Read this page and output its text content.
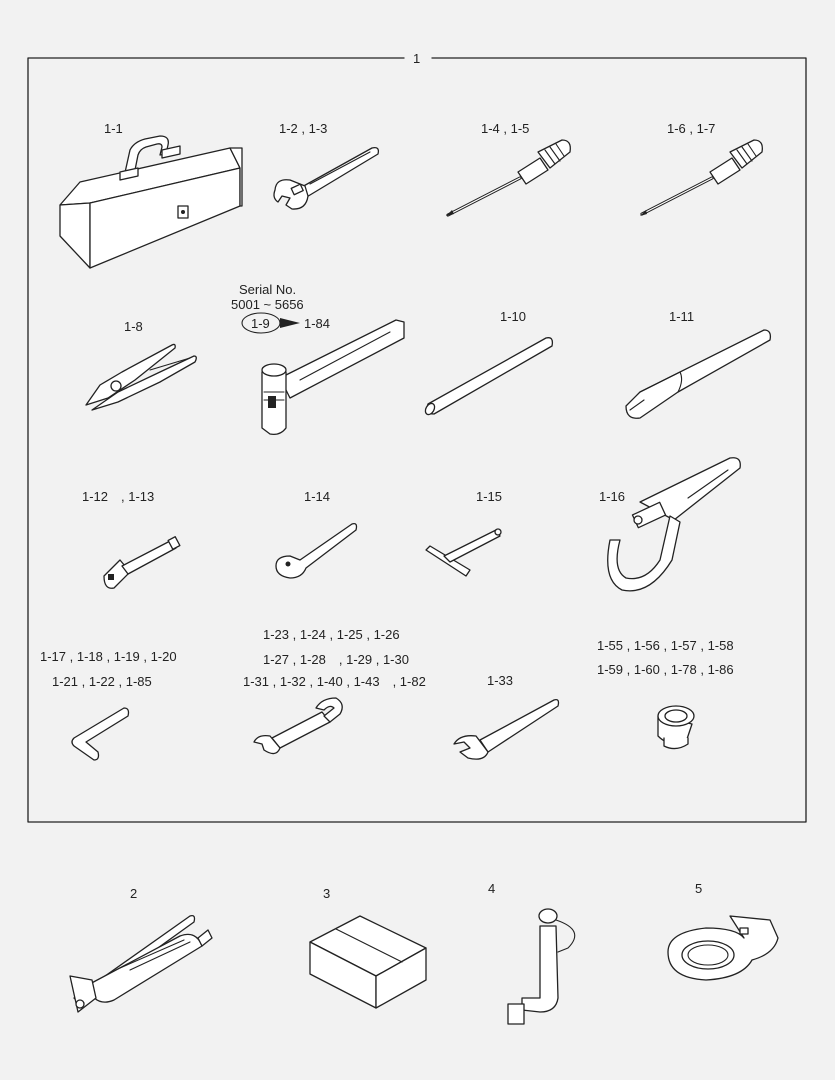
1
1-1	1-2 , 1-3	1-4 , 1-5	1-6 , 1-7
Serial No.
5001 ~ 5656
1-8	1-9	1-84	1-10	1-11
1-12　, 1-13	1-14	1-15	1-16
1-17 , 1-18 , 1-19 , 1-20
1-21 , 1-22 , 1-85
1-23 , 1-24 , 1-25 , 1-26
1-27 , 1-28　, 1-29 , 1-30
1-31 , 1-32 , 1-40 , 1-43　, 1-82	1-33
1-55 , 1-56 , 1-57 , 1-58
1-59 , 1-60 , 1-78 , 1-86
2	3	4	5
